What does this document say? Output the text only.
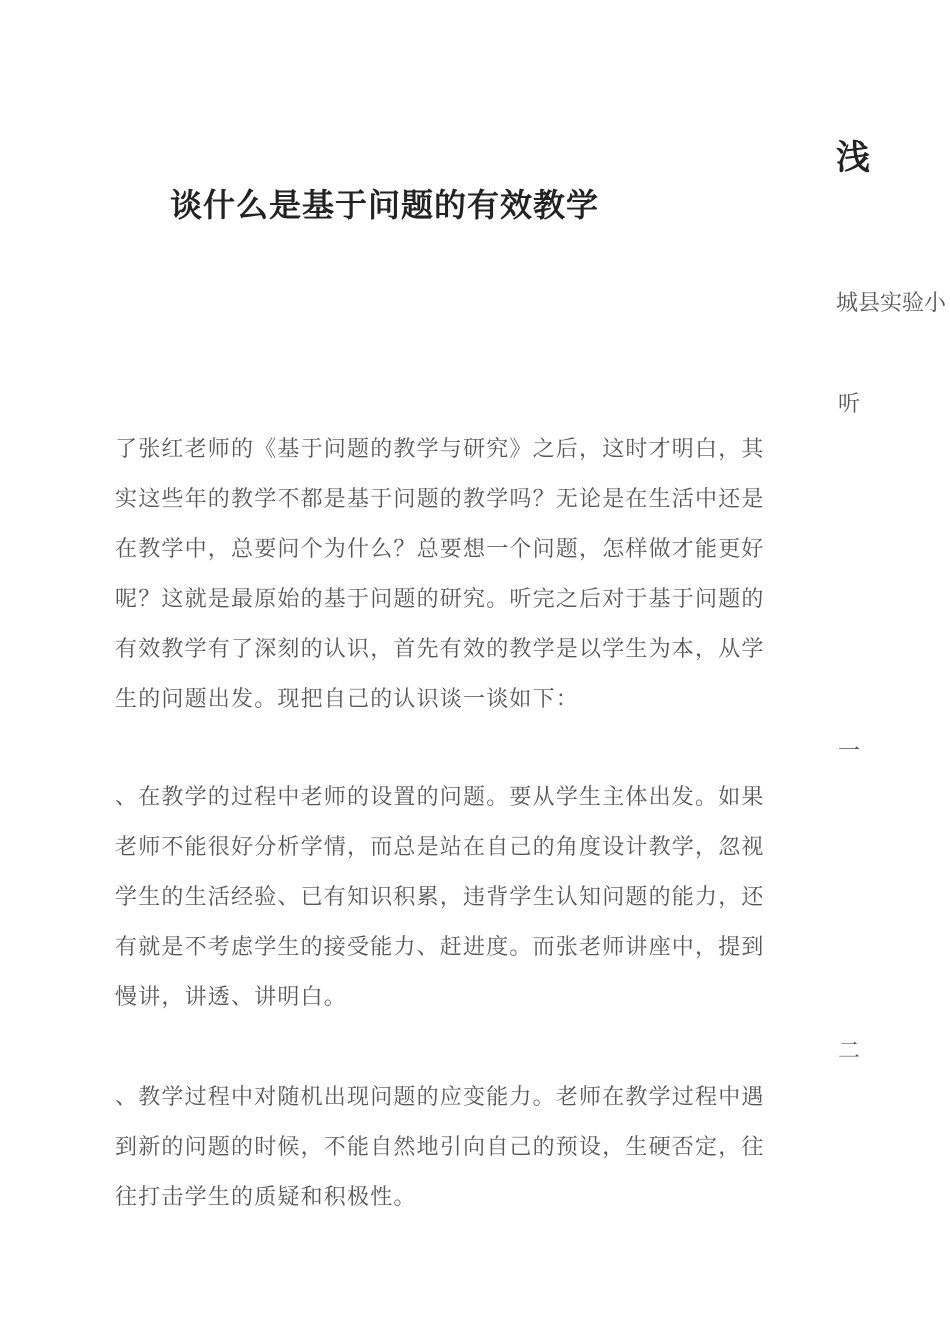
浅
谈什么是基于问题的有效教学
城县实验小
听
了张红老师的《基于问题的教学与研究》之后，这时才明白，其
实这些年的教学不都是基于问题的教学吗？无论是在生活中还是
在教学中，总要问个为什么？总要想一个问题，怎样做才能更好
呢？这就是最原始的基于问题的研究。听完之后对于基于问题的
有效教学有了深刻的认识，首先有效的教学是以学生为本，从学
生的问题出发。现把自己的认识谈一谈如下：
一
、在教学的过程中老师的设置的问题。要从学生主体出发。如果
老师不能很好分析学情，而总是站在自己的角度设计教学，忽视
学生的生活经验、已有知识积累，违背学生认知问题的能力，还
有就是不考虑学生的接受能力、赶进度。而张老师讲座中，提到
慢讲，讲透、讲明白。
二
、教学过程中对随机出现问题的应变能力。老师在教学过程中遇
到新的问题的时候，不能自然地引向自己的预设，生硬否定，往
往打击学生的质疑和积极性。
